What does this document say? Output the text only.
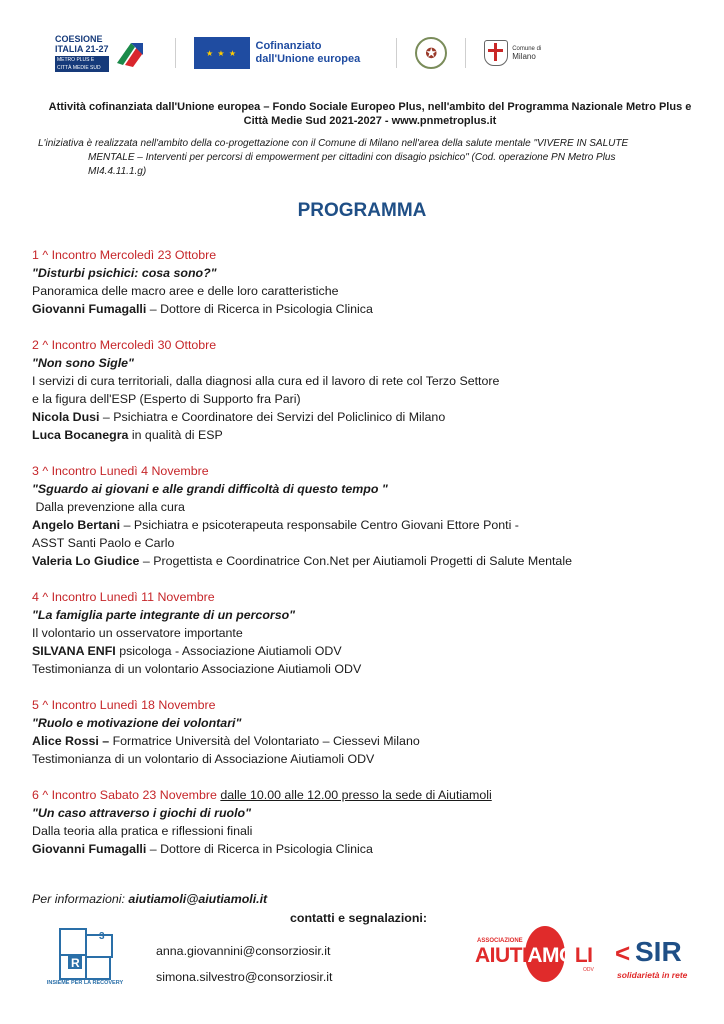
COESIONE
ITALIA 21-27
METRO PLUS E
CITTÀ MEDIE SUD
★ ★ ★
Cofinanziato
dall'Unione europea	✪	Comune di
Milano
Attività cofinanziata dall'Unione europea – Fondo Sociale Europeo Plus, nell'ambito del Programma Nazionale Metro Plus e
Città Medie Sud 2021-2027 - www.pnmetroplus.it
L'iniziativa è realizzata nell'ambito della co-progettazione con il Comune di Milano nell'area della salute mentale "VIVERE IN SALUTE
MENTALE – Interventi per percorsi di empowerment per cittadini con disagio psichico" (Cod. operazione PN Metro Plus
MI4.4.11.1.g)
PROGRAMMA
1 ^ Incontro Mercoledì 23 Ottobre
"Disturbi psichici: cosa sono?"
Panoramica delle macro aree e delle loro caratteristiche
Giovanni Fumagalli – Dottore di Ricerca in Psicologia Clinica
2 ^ Incontro Mercoledì 30 Ottobre
"Non sono Sigle"
I servizi di cura territoriali, dalla diagnosi alla cura ed il lavoro di rete col Terzo Settore
e la figura dell'ESP (Esperto di Supporto fra Pari)
Nicola Dusi – Psichiatra e Coordinatore dei Servizi del Policlinico di Milano
Luca Bocanegra in qualità di ESP
3 ^ Incontro Lunedì 4 Novembre
"Sguardo ai giovani e alle grandi difficoltà di questo tempo "
Dalla prevenzione alla cura
Angelo Bertani – Psichiatra e psicoterapeuta responsabile Centro Giovani Ettore Ponti -
ASST Santi Paolo e Carlo
Valeria Lo Giudice – Progettista e Coordinatrice Con.Net per Aiutiamoli Progetti di Salute Mentale
4 ^ Incontro Lunedì 11 Novembre
"La famiglia parte integrante di un percorso"
Il volontario un osservatore importante
SILVANA ENFI psicologa - Associazione Aiutiamoli ODV
Testimonianza di un volontario Associazione Aiutiamoli ODV
5 ^ Incontro Lunedì 18 Novembre
"Ruolo e motivazione dei volontari"
Alice Rossi – Formatrice Università del Volontariato – Ciessevi Milano
Testimonianza di un volontario di Associazione Aiutiamoli ODV
6 ^ Incontro Sabato 23 Novembre dalle 10.00 alle 12.00 presso la sede di Aiutiamoli
"Un caso attraverso i giochi di ruolo"
Dalla teoria alla pratica e riflessioni finali
Giovanni Fumagalli – Dottore di Ricerca in Psicologia Clinica
Per informazioni: aiutiamoli@aiutiamoli.it
contatti e segnalazioni:
R
3
INSIEME PER LA RECOVERY
anna.giovannini@consorziosir.it
simona.silvestro@consorziosir.it
ASSOCIAZIONE
AIUTIAMOLI
ODV
< SIR
solidarietà in rete
